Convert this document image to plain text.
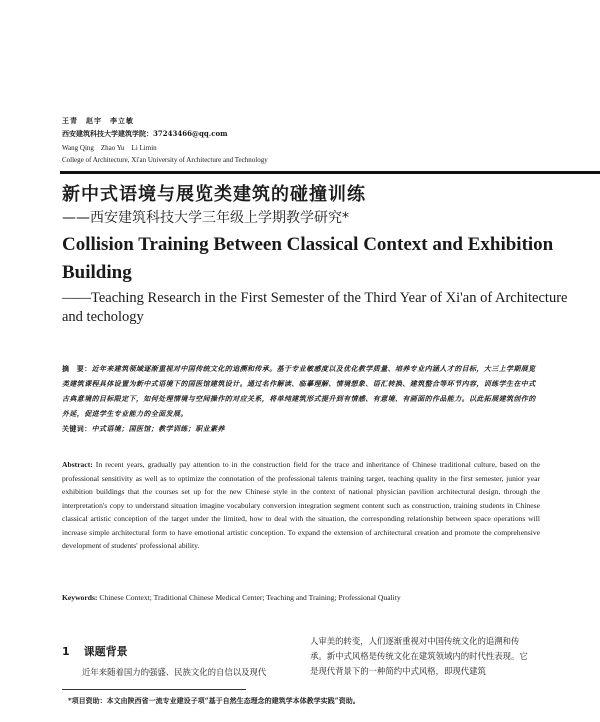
王青　赵宇　李立敏
西安建筑科技大学建筑学院：37243466@qq.com
Wang Qing　Zhao Yu　Li Limin
College of Architecture, Xi'an University of Architecture and Technology
新中式语境与展览类建筑的碰撞训练
——西安建筑科技大学三年级上学期教学研究*
Collision Training Between Classical Context and Exhibition Building
——Teaching Research in the First Semester of the Third Year of Xi'an of Architecture and techology
摘　要：近年来建筑领域逐渐重视对中国传统文化的追溯和传承。基于专业敏感度以及优化教学质量、培养专业内涵人才的目标，大三上学期展览类建筑课程具体设置为新中式语境下的国医馆建筑设计。通过名作解读、临摹理解、情境想象、语汇转换、建筑整合等环节内容，训练学生在中式古典意境的目标限定下，如何处理情境与空间操作的对应关系，将单纯建筑形式提升到有情感、有意境、有画面的作品能力。以此拓展建筑创作的外延，促进学生专业能力的全面发展。
关键词：中式语境；国医馆；教学训练；职业素养
Abstract: In recent years, gradually pay attention to in the construction field for the trace and inheritance of Chinese traditional culture, based on the professional sensitivity as well as to optimize the connotation of the professional talents training target, teaching quality in the first semester, junior year exhibition buildings that the courses set up for the new Chinese style in the context of national physician pavilion architectural design, through the interpretation's copy to understand situation imagine vocabulary conversion integration segment content such as construction, training students in Chinese classical artistic conception of the target under the limited, how to deal with the situation, the corresponding relationship between space operations will increase simple architectural form to have emotional artistic conception. To expand the extension of architectural creation and promote the comprehensive development of students' professional ability.
Keywords: Chinese Context; Traditional Chinese Medical Center; Teaching and Training; Professional Quality
1 课题背景
近年来随着国力的强盛、民族文化的自信以及现代
人审美的转变，人们逐渐重视对中国传统文化的追溯和传承。新中式风格是传统文化在建筑领域内的时代性表现。它是现代背景下的一种简约中式风格，即现代建筑
*项目资助：本文由陕西省一流专业建设子项“基于自然生态理念的建筑学本体教学实践”资助。
